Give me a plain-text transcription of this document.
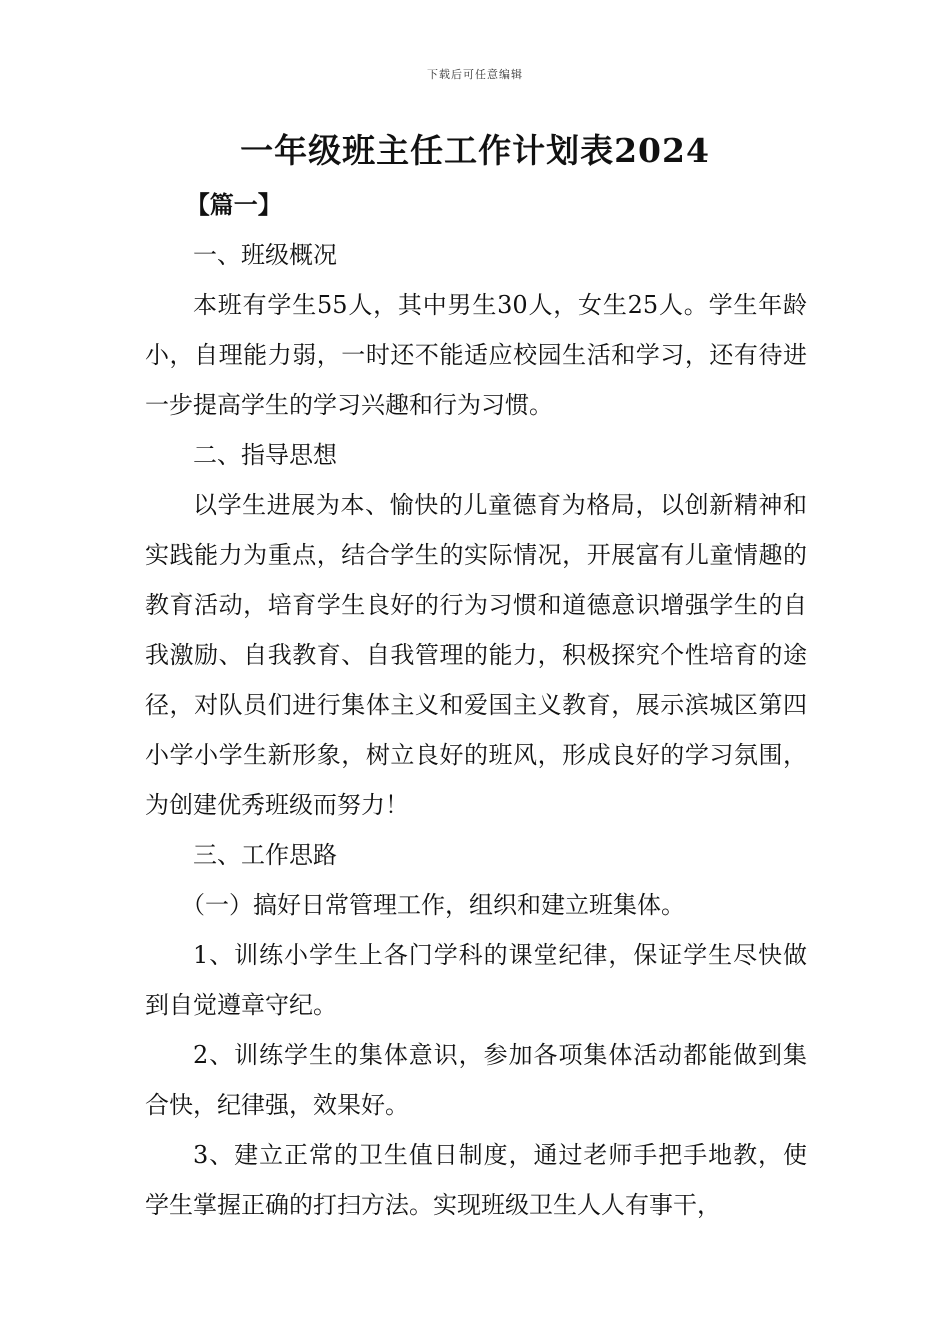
下载后可任意编辑
一年级班主任工作计划表2024

【篇一】

一、班级概况

本班有学生55人，其中男生30人，女生25人。学生年龄小，自理能力弱，一时还不能适应校园生活和学习，还有待进一步提高学生的学习兴趣和行为习惯。

二、指导思想

以学生进展为本、愉快的儿童德育为格局，以创新精神和实践能力为重点，结合学生的实际情况，开展富有儿童情趣的教育活动，培育学生良好的行为习惯和道德意识增强学生的自我激励、自我教育、自我管理的能力，积极探究个性培育的途径，对队员们进行集体主义和爱国主义教育，展示滨城区第四小学小学生新形象，树立良好的班风，形成良好的学习氛围，为创建优秀班级而努力！

三、工作思路

（一）搞好日常管理工作，组织和建立班集体。

1、训练小学生上各门学科的课堂纪律，保证学生尽快做到自觉遵章守纪。

2、训练学生的集体意识，参加各项集体活动都能做到集合快，纪律强，效果好。

3、建立正常的卫生值日制度，通过老师手把手地教，使学生掌握正确的打扫方法。实现班级卫生人人有事干，
